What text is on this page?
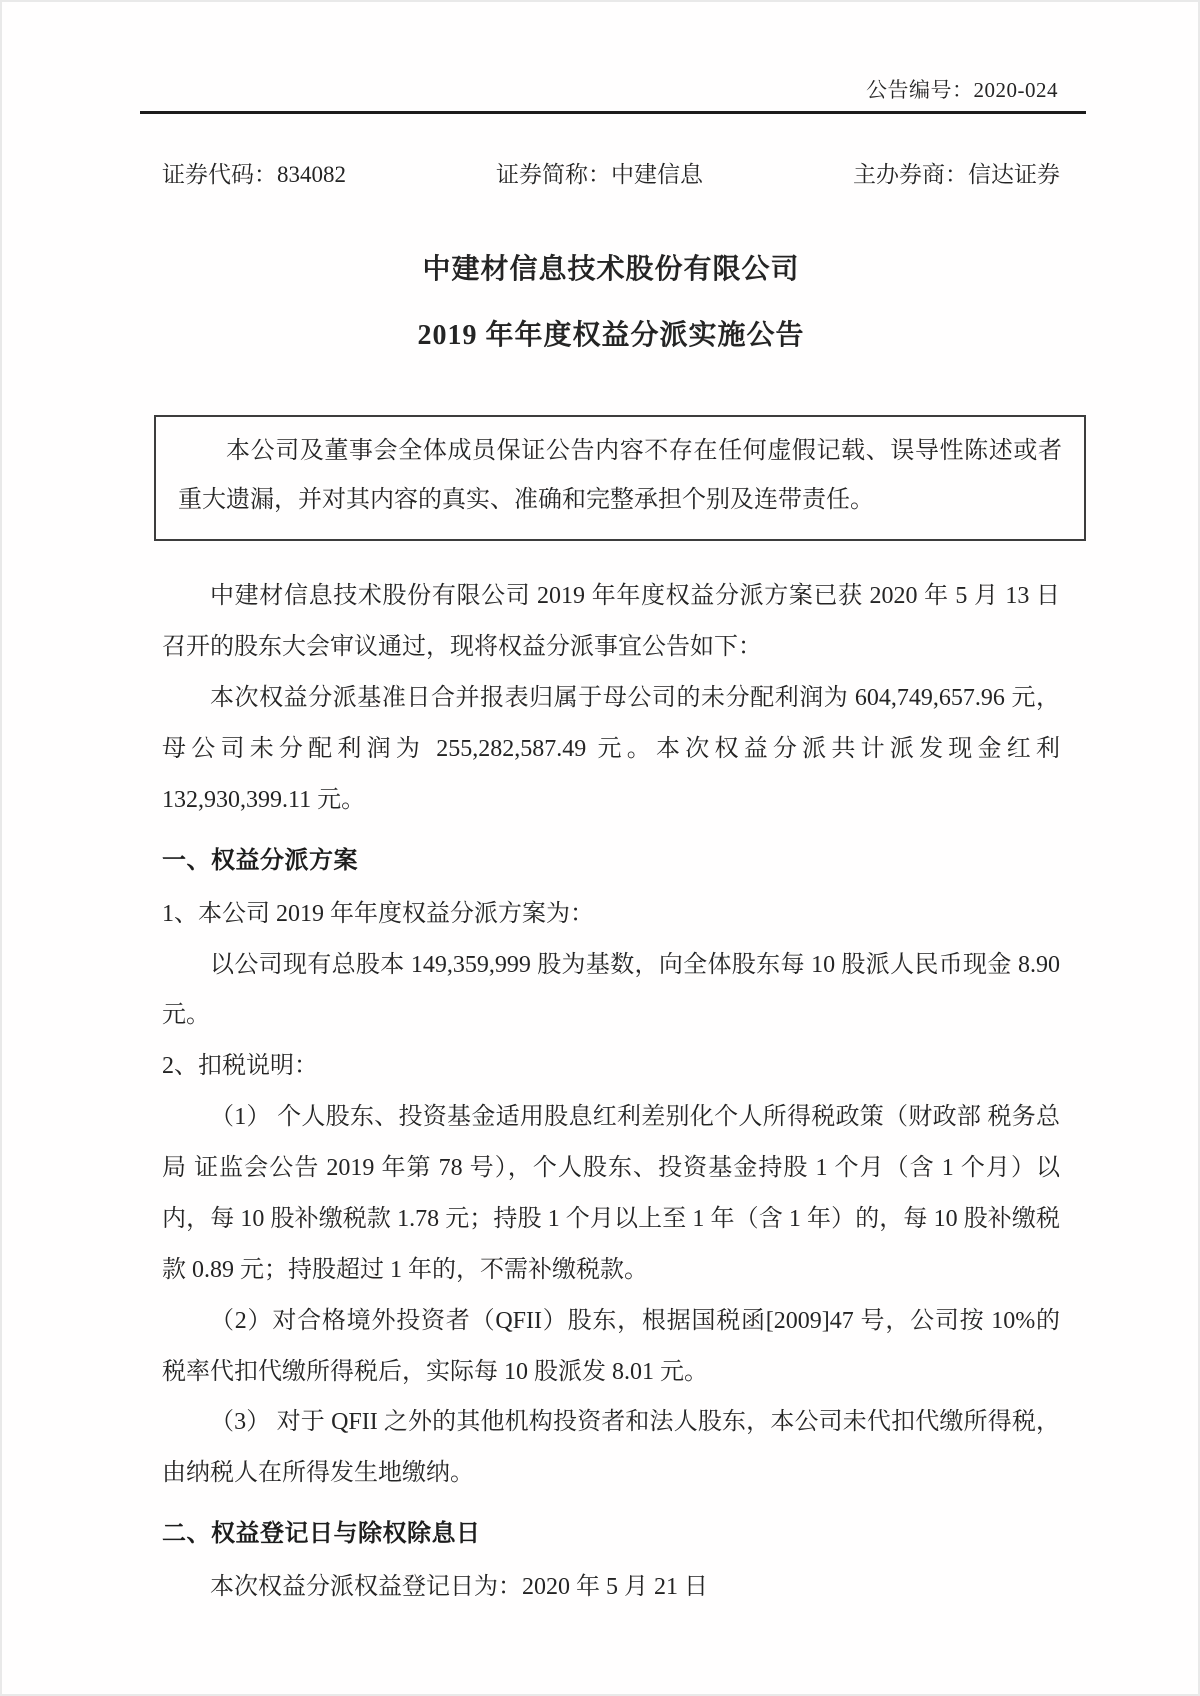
公告编号：2020-024
证券代码：834082	证券简称：中建信息	主办券商：信达证券
中建材信息技术股份有限公司
2019 年年度权益分派实施公告

本公司及董事会全体成员保证公告内容不存在任何虚假记载、误导性陈述或者重大遗漏，并对其内容的真实、准确和完整承担个别及连带责任。

中建材信息技术股份有限公司 2019 年年度权益分派方案已获 2020 年 5 月 13 日召开的股东大会审议通过，现将权益分派事宜公告如下：

本次权益分派基准日合并报表归属于母公司的未分配利润为 604,749,657.96 元，母公司未分配利润为 255,282,587.49 元。本次权益分派共计派发现金红利 132,930,399.11 元。

一、权益分派方案

1、本公司 2019 年年度权益分派方案为：

以公司现有总股本 149,359,999 股为基数，向全体股东每 10 股派人民币现金 8.90 元。

2、扣税说明：

（1） 个人股东、投资基金适用股息红利差别化个人所得税政策（财政部 税务总局 证监会公告 2019 年第 78 号），个人股东、投资基金持股 1 个月（含 1 个月）以内，每 10 股补缴税款 1.78 元；持股 1 个月以上至 1 年（含 1 年）的，每 10 股补缴税款 0.89 元；持股超过 1 年的，不需补缴税款。

（2）对合格境外投资者（QFII）股东，根据国税函[2009]47 号，公司按 10%的税率代扣代缴所得税后，实际每 10 股派发 8.01 元。

（3） 对于 QFII 之外的其他机构投资者和法人股东，本公司未代扣代缴所得税，由纳税人在所得发生地缴纳。

二、权益登记日与除权除息日

本次权益分派权益登记日为：2020 年 5 月 21 日
